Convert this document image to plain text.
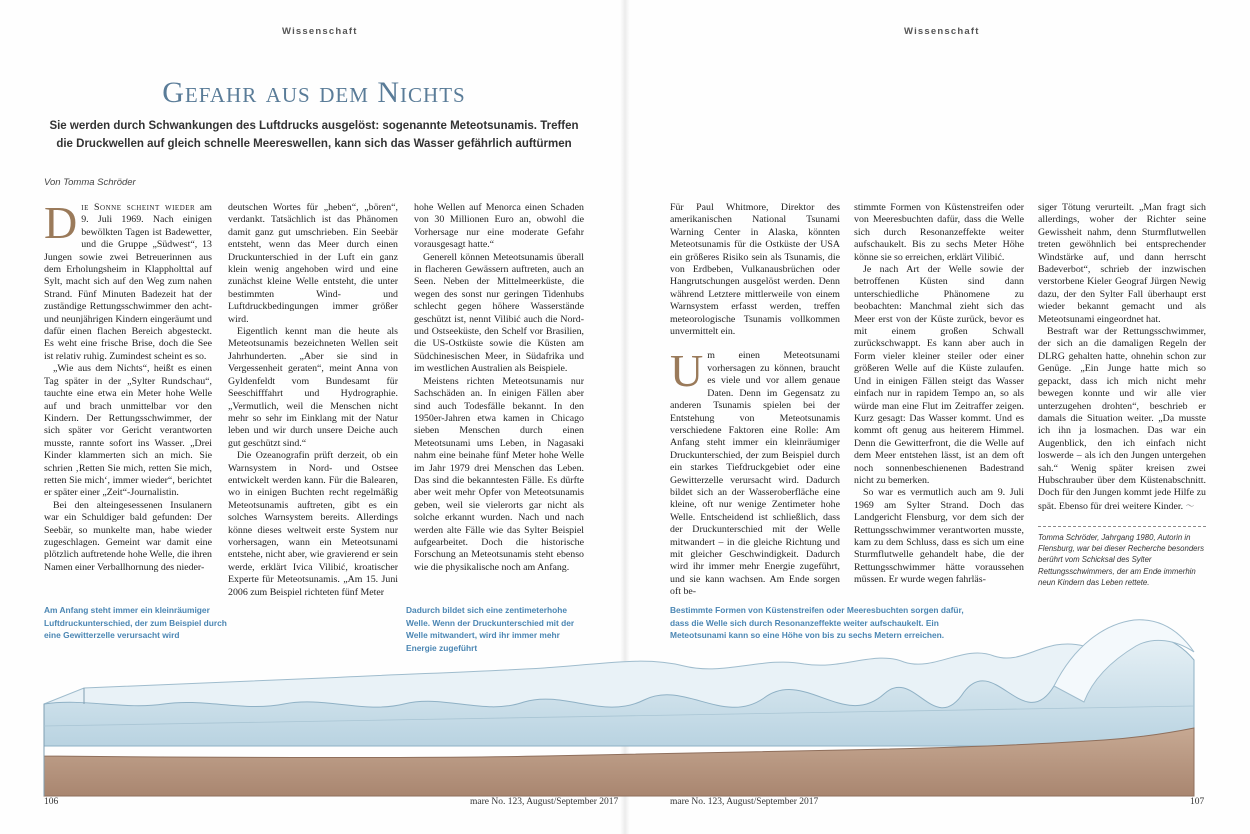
Wissenschaft	Wissenschaft
Gefahr aus dem Nichts
Sie werden durch Schwankungen des Luftdrucks ausgelöst: sogenannte Meteotsunamis. Treffen die Druckwellen auf gleich schnelle Meereswellen, kann sich das Wasser gefährlich auftürmen
Von Tomma Schröder

Die Sonne scheint wieder am 9. Juli 1969. Nach einigen bewölkten Tagen ist Badewetter, und die Gruppe „Südwest“, 13 Jungen sowie zwei Betreuerinnen aus dem Erholungsheim in Klappholttal auf Sylt, macht sich auf den Weg zum nahen Strand. Fünf Minuten Badezeit hat der zuständige Rettungsschwimmer den acht- und neunjährigen Kindern eingeräumt und dafür einen flachen Bereich abgesteckt. Es weht eine frische Brise, doch die See ist relativ ruhig. Zumindest scheint es so.

„Wie aus dem Nichts“, heißt es einen Tag später in der „Sylter Rundschau“, tauchte eine etwa ein Meter hohe Welle auf und brach unmittelbar vor den Kindern. Der Rettungsschwimmer, der sich später vor Gericht verantworten musste, rannte sofort ins Wasser. „Drei Kinder klammerten sich an mich. Sie schrien ‚Retten Sie mich, retten Sie mich, retten Sie mich‘, immer wieder“, berichtet er später einer „Zeit“-Journalistin.

Bei den alteingesessenen Insulanern war ein Schuldiger bald gefunden: Der Seebär, so munkelte man, habe wieder zugeschlagen. Gemeint war damit eine plötzlich auftretende hohe Welle, die ihren Namen einer Verballhornung des nieder-

deutschen Wortes für „heben“, „bören“, verdankt. Tatsächlich ist das Phänomen damit ganz gut umschrieben. Ein Seebär entsteht, wenn das Meer durch einen Druckunterschied in der Luft ein ganz klein wenig angehoben wird und eine zunächst kleine Welle entsteht, die unter bestimmten Wind- und Luftdruckbedingungen immer größer wird.

Eigentlich kennt man die heute als Meteotsunamis bezeichneten Wellen seit Jahrhunderten. „Aber sie sind in Vergessenheit geraten“, meint Anna von Gyldenfeldt vom Bundesamt für Seeschifffahrt und Hydrographie. „Vermutlich, weil die Menschen nicht mehr so sehr im Einklang mit der Natur leben und wir durch unsere Deiche auch gut geschützt sind.“

Die Ozeanografin prüft derzeit, ob ein Warnsystem in Nord- und Ostsee entwickelt werden kann. Für die Balearen, wo in einigen Buchten recht regelmäßig Meteotsunamis auftreten, gibt es ein solches Warnsystem bereits. Allerdings könne dieses weltweit erste System nur vorhersagen, wann ein Meteotsunami entstehe, nicht aber, wie gravierend er sein werde, erklärt Ivica Vilibić, kroatischer Experte für Meteotsunamis. „Am 15. Juni 2006 zum Beispiel richteten fünf Meter

hohe Wellen auf Menorca einen Schaden von 30 Millionen Euro an, obwohl die Vorhersage nur eine moderate Gefahr vorausgesagt hatte.“

Generell können Meteotsunamis überall in flacheren Gewässern auftreten, auch an Seen. Neben der Mittelmeerküste, die wegen des sonst nur geringen Tidenhubs schlecht gegen höhere Wasserstände geschützt ist, nennt Vilibić auch die Nord- und Ostseeküste, den Schelf vor Brasilien, die US-Ostküste sowie die Küsten am Südchinesischen Meer, in Südafrika und im westlichen Australien als Beispiele.

Meistens richten Meteotsunamis nur Sachschäden an. In einigen Fällen aber sind auch Todesfälle bekannt. In den 1950er-Jahren etwa kamen in Chicago sieben Menschen durch einen Meteotsunami ums Leben, in Nagasaki nahm eine beinahe fünf Meter hohe Welle im Jahr 1979 drei Menschen das Leben. Das sind die bekanntesten Fälle. Es dürfte aber weit mehr Opfer von Meteotsunamis geben, weil sie vielerorts gar nicht als solche erkannt wurden. Nach und nach werden alte Fälle wie das Sylter Beispiel aufgearbeitet. Doch die historische Forschung an Meteotsunamis steht ebenso wie die physikalische noch am Anfang.

Für Paul Whitmore, Direktor des amerikanischen National Tsunami Warning Center in Alaska, könnten Meteotsunamis für die Ostküste der USA ein größeres Risiko sein als Tsunamis, die von Erdbeben, Vulkanausbrüchen oder Hangrutschungen ausgelöst werden. Denn während Letztere mittlerweile von einem Warnsystem erfasst werden, treffen meteorologische Tsunamis vollkommen unvermittelt ein.

Um einen Meteotsunami vorhersagen zu können, braucht es viele und vor allem genaue Daten. Denn im Gegensatz zu anderen Tsunamis spielen bei der Entstehung von Meteotsunamis verschiedene Faktoren eine Rolle: Am Anfang steht immer ein kleinräumiger Druckunterschied, der zum Beispiel durch ein starkes Tiefdruckgebiet oder eine Gewitterzelle verursacht wird. Dadurch bildet sich an der Wasseroberfläche eine kleine, oft nur wenige Zentimeter hohe Welle. Entscheidend ist schließlich, dass der Druckunterschied mit der Welle mitwandert – in die gleiche Richtung und mit gleicher Geschwindigkeit. Dadurch wird ihr immer mehr Energie zugeführt, und sie kann wachsen. Am Ende sorgen oft be-

stimmte Formen von Küstenstreifen oder von Meeresbuchten dafür, dass die Welle sich durch Resonanzeffekte weiter aufschaukelt. Bis zu sechs Meter Höhe könne sie so erreichen, erklärt Vilibić.

Je nach Art der Welle sowie der betroffenen Küsten sind dann unterschiedliche Phänomene zu beobachten: Manchmal zieht sich das Meer erst von der Küste zurück, bevor es mit einem großen Schwall zurückschwappt. Es kann aber auch in Form vieler kleiner steiler oder einer größeren Welle auf die Küste zulaufen. Und in einigen Fällen steigt das Wasser einfach nur in rapidem Tempo an, so als würde man eine Flut im Zeitraffer zeigen. Kurz gesagt: Das Wasser kommt. Und es kommt oft genug aus heiterem Himmel. Denn die Gewitterfront, die die Welle auf dem Meer entstehen lässt, ist an dem oft noch sonnenbeschienenen Badestrand nicht zu bemerken.

So war es vermutlich auch am 9. Juli 1969 am Sylter Strand. Doch das Landgericht Flensburg, vor dem sich der Rettungsschwimmer verantworten musste, kam zu dem Schluss, dass es sich um eine Sturmflutwelle gehandelt habe, die der Rettungsschwimmer hätte voraussehen müssen. Er wurde wegen fahrläs-

siger Tötung verurteilt. „Man fragt sich allerdings, woher der Richter seine Gewissheit nahm, denn Sturmflutwellen treten gewöhnlich bei entsprechender Windstärke auf, und dann herrscht Badeverbot“, schrieb der inzwischen verstorbene Kieler Geograf Jürgen Newig dazu, der den Sylter Fall überhaupt erst wieder bekannt gemacht und als Meteotsunami eingeordnet hat.

Bestraft war der Rettungsschwimmer, der sich an die damaligen Regeln der DLRG gehalten hatte, ohnehin schon zur Genüge. „Ein Junge hatte mich so gepackt, dass ich mich nicht mehr bewegen konnte und wir alle vier unterzugehen drohten“, beschrieb er damals die Situation weiter. „Da musste ich ihn ja losmachen. Das war ein Augenblick, den ich einfach nicht loswerde – als ich den Jungen untergehen sah.“ Wenig später kreisen zwei Hubschrauber über dem Küstenabschnitt. Doch für den Jungen kommt jede Hilfe zu spät. Ebenso für drei weitere Kinder. 〜

Tomma Schröder, Jahrgang 1980, Autorin in Flensburg, war bei dieser Recherche besonders berührt vom Schicksal des Sylter Rettungsschwimmers, der am Ende immerhin neun Kindern das Leben rettete.
Am Anfang steht immer ein kleinräumiger Luftdruckunterschied, der zum Beispiel durch eine Gewitterzelle verursacht wird
Dadurch bildet sich eine zentimeterhohe Welle. Wenn der Druckunterschied mit der Welle mitwandert, wird ihr immer mehr Energie zugeführt
Bestimmte Formen von Küstenstreifen oder Meeresbuchten sorgen dafür, dass die Welle sich durch Resonanzeffekte weiter aufschaukelt. Ein Meteotsunami kann so eine Höhe von bis zu sechs Metern erreichen.
106	mare No. 123, August/September 2017	mare No. 123, August/September 2017	107
